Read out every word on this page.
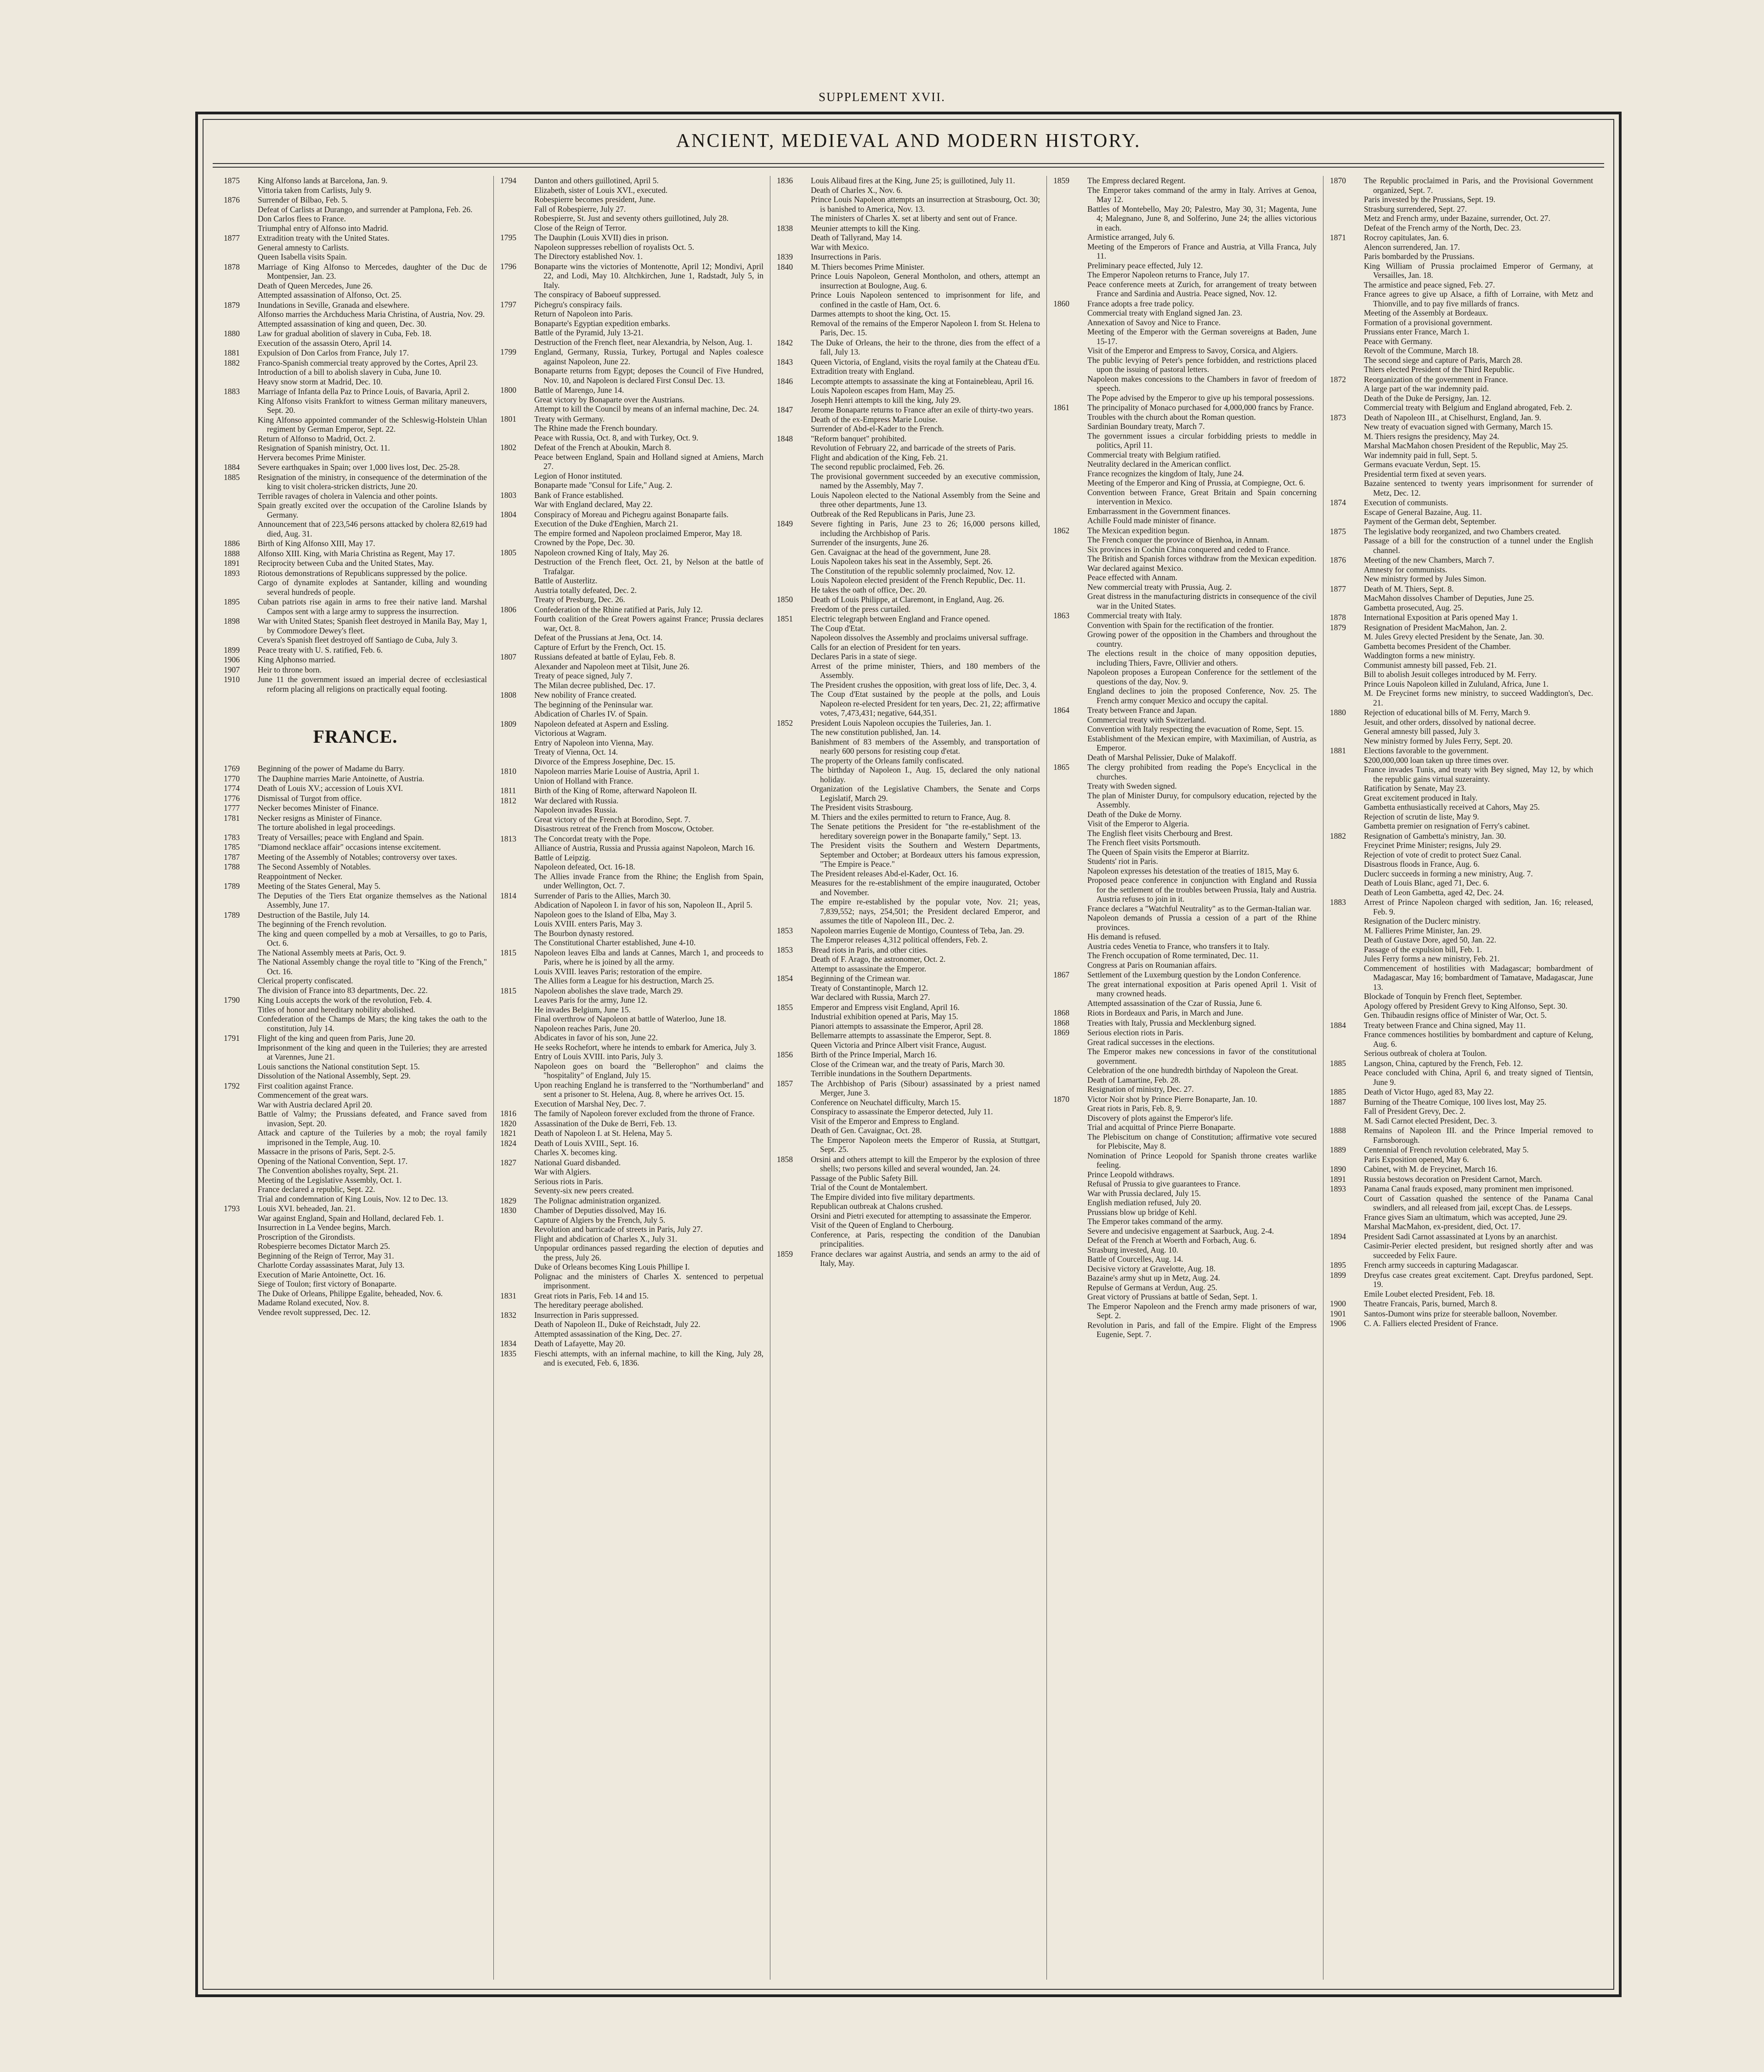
SUPPLEMENT XVII.
ANCIENT, MEDIEVAL AND MODERN HISTORY.
1875	King Alfonso lands at Barcelona, Jan. 9.
Vittoria taken from Carlists, July 9.
1876	Surrender of Bilbao, Feb. 5.
Defeat of Carlists at Durango, and surrender at Pamplona, Feb. 26.
Don Carlos flees to France.
Triumphal entry of Alfonso into Madrid.
1877	Extradition treaty with the United States.
General amnesty to Carlists.
Queen Isabella visits Spain.
1878	Marriage of King Alfonso to Mercedes, daughter of the Duc de Montpensier, Jan. 23.
Death of Queen Mercedes, June 26.
Attempted assassination of Alfonso, Oct. 25.
1879	Inundations in Seville, Granada and elsewhere.
Alfonso marries the Archduchess Maria Christina, of Austria, Nov. 29.
Attempted assassination of king and queen, Dec. 30.
1880	Law for gradual abolition of slavery in Cuba, Feb. 18.
Execution of the assassin Otero, April 14.
1881	Expulsion of Don Carlos from France, July 17.
1882	Franco-Spanish commercial treaty approved by the Cortes, April 23.
Introduction of a bill to abolish slavery in Cuba, June 10.
Heavy snow storm at Madrid, Dec. 10.
1883	Marriage of Infanta della Paz to Prince Louis, of Bavaria, April 2.
King Alfonso visits Frankfort to witness German military maneuvers, Sept. 20.
King Alfonso appointed commander of the Schleswig-Holstein Uhlan regiment by German Emperor, Sept. 22.
Return of Alfonso to Madrid, Oct. 2.
Resignation of Spanish ministry, Oct. 11.
Hervera becomes Prime Minister.
1884	Severe earthquakes in Spain; over 1,000 lives lost, Dec. 25-28.
1885	Resignation of the ministry, in consequence of the determination of the king to visit cholera-stricken districts, June 20.
Terrible ravages of cholera in Valencia and other points.
Spain greatly excited over the occupation of the Caroline Islands by Germany.
Announcement that of 223,546 persons attacked by cholera 82,619 had died, Aug. 31.
1886	Birth of King Alfonso XIII, May 17.
1888	Alfonso XIII. King, with Maria Christina as Regent, May 17.
1891	Reciprocity between Cuba and the United States, May.
1893	Riotous demonstrations of Republicans suppressed by the police.
Cargo of dynamite explodes at Santander, killing and wounding several hundreds of people.
1895	Cuban patriots rise again in arms to free their native land. Marshal Campos sent with a large army to suppress the insurrection.
1898	War with United States; Spanish fleet destroyed in Manila Bay, May 1, by Commodore Dewey's fleet.
Cevera's Spanish fleet destroyed off Santiago de Cuba, July 3.
1899	Peace treaty with U. S. ratified, Feb. 6.
1906	King Alphonso married.
1907	Heir to throne born.
1910	June 11 the government issued an imperial decree of ecclesiastical reform placing all religions on practically equal footing.
FRANCE.
1769	Beginning of the power of Madame du Barry.
1770	The Dauphine marries Marie Antoinette, of Austria.
1774	Death of Louis XV.; accession of Louis XVI.
1776	Dismissal of Turgot from office.
1777	Necker becomes Minister of Finance.
1781	Necker resigns as Minister of Finance.
The torture abolished in legal proceedings.
1783	Treaty of Versailles; peace with England and Spain.
1785	"Diamond necklace affair" occasions intense excitement.
1787	Meeting of the Assembly of Notables; controversy over taxes.
1788	The Second Assembly of Notables.
Reappointment of Necker.
1789	Meeting of the States General, May 5.
The Deputies of the Tiers Etat organize themselves as the National Assembly, June 17.
1789	Destruction of the Bastile, July 14.
The beginning of the French revolution.
The king and queen compelled by a mob at Versailles, to go to Paris, Oct. 6.
The National Assembly meets at Paris, Oct. 9.
The National Assembly change the royal title to "King of the French," Oct. 16.
Clerical property confiscated.
The division of France into 83 departments, Dec. 22.
1790	King Louis accepts the work of the revolution, Feb. 4.
Titles of honor and hereditary nobility abolished.
Confederation of the Champs de Mars; the king takes the oath to the constitution, July 14.
1791	Flight of the king and queen from Paris, June 20.
Imprisonment of the king and queen in the Tuileries; they are arrested at Varennes, June 21.
Louis sanctions the National constitution Sept. 15.
Dissolution of the National Assembly, Sept. 29.
1792	First coalition against France.
Commencement of the great wars.
War with Austria declared April 20.
Battle of Valmy; the Prussians defeated, and France saved from invasion, Sept. 20.
Attack and capture of the Tuileries by a mob; the royal family imprisoned in the Temple, Aug. 10.
Massacre in the prisons of Paris, Sept. 2-5.
Opening of the National Convention, Sept. 17.
The Convention abolishes royalty, Sept. 21.
Meeting of the Legislative Assembly, Oct. 1.
France declared a republic, Sept. 22.
Trial and condemnation of King Louis, Nov. 12 to Dec. 13.
1793	Louis XVI. beheaded, Jan. 21.
War against England, Spain and Holland, declared Feb. 1.
Insurrection in La Vendee begins, March.
Proscription of the Girondists.
Robespierre becomes Dictator March 25.
Beginning of the Reign of Terror, May 31.
Charlotte Corday assassinates Marat, July 13.
Execution of Marie Antoinette, Oct. 16.
Siege of Toulon; first victory of Bonaparte.
The Duke of Orleans, Philippe Egalite, beheaded, Nov. 6.
Madame Roland executed, Nov. 8.
Vendee revolt suppressed, Dec. 12.
1794	Danton and others guillotined, April 5.
Elizabeth, sister of Louis XVI., executed.
Robespierre becomes president, June.
Fall of Robespierre, July 27.
Robespierre, St. Just and seventy others guillotined, July 28.
Close of the Reign of Terror.
1795	The Dauphin (Louis XVII) dies in prison.
Napoleon suppresses rebellion of royalists Oct. 5.
The Directory established Nov. 1.
1796	Bonaparte wins the victories of Montenotte, April 12; Mondivi, April 22, and Lodi, May 10. Altchkirchen, June 1, Radstadt, July 5, in Italy.
The conspiracy of Baboeuf suppressed.
1797	Pichegru's conspiracy fails.
Return of Napoleon into Paris.
Bonaparte's Egyptian expedition embarks.
Battle of the Pyramid, July 13-21.
Destruction of the French fleet, near Alexandria, by Nelson, Aug. 1.
1799	England, Germany, Russia, Turkey, Portugal and Naples coalesce against Napoleon, June 22.
Bonaparte returns from Egypt; deposes the Council of Five Hundred, Nov. 10, and Napoleon is declared First Consul Dec. 13.
1800	Battle of Marengo, June 14.
Great victory by Bonaparte over the Austrians.
Attempt to kill the Council by means of an infernal machine, Dec. 24.
1801	Treaty with Germany.
The Rhine made the French boundary.
Peace with Russia, Oct. 8, and with Turkey, Oct. 9.
1802	Defeat of the French at Aboukin, March 8.
Peace between England, Spain and Holland signed at Amiens, March 27.
Legion of Honor instituted.
Bonaparte made "Consul for Life," Aug. 2.
1803	Bank of France established.
War with England declared, May 22.
1804	Conspiracy of Moreau and Pichegru against Bonaparte fails.
Execution of the Duke d'Enghien, March 21.
The empire formed and Napoleon proclaimed Emperor, May 18.
Crowned by the Pope, Dec. 30.
1805	Napoleon crowned King of Italy, May 26.
Destruction of the French fleet, Oct. 21, by Nelson at the battle of Trafalgar.
Battle of Austerlitz.
Austria totally defeated, Dec. 2.
Treaty of Presburg, Dec. 26.
1806	Confederation of the Rhine ratified at Paris, July 12.
Fourth coalition of the Great Powers against France; Prussia declares war, Oct. 8.
Defeat of the Prussians at Jena, Oct. 14.
Capture of Erfurt by the French, Oct. 15.
1807	Russians defeated at battle of Eylau, Feb. 8.
Alexander and Napoleon meet at Tilsit, June 26.
Treaty of peace signed, July 7.
The Milan decree published, Dec. 17.
1808	New nobility of France created.
The beginning of the Peninsular war.
Abdication of Charles IV. of Spain.
1809	Napoleon defeated at Aspern and Essling.
Victorious at Wagram.
Entry of Napoleon into Vienna, May.
Treaty of Vienna, Oct. 14.
Divorce of the Empress Josephine, Dec. 15.
1810	Napoleon marries Marie Louise of Austria, April 1.
Union of Holland with France.
1811	Birth of the King of Rome, afterward Napoleon II.
1812	War declared with Russia.
Napoleon invades Russia.
Great victory of the French at Borodino, Sept. 7.
Disastrous retreat of the French from Moscow, October.
1813	The Concordat treaty with the Pope.
Alliance of Austria, Russia and Prussia against Napoleon, March 16.
Battle of Leipzig.
Napoleon defeated, Oct. 16-18.
The Allies invade France from the Rhine; the English from Spain, under Wellington, Oct. 7.
1814	Surrender of Paris to the Allies, March 30.
Abdication of Napoleon I. in favor of his son, Napoleon II., April 5.
Napoleon goes to the Island of Elba, May 3.
Louis XVIII. enters Paris, May 3.
The Bourbon dynasty restored.
The Constitutional Charter established, June 4-10.
1815	Napoleon leaves Elba and lands at Cannes, March 1, and proceeds to Paris, where he is joined by all the army.
Louis XVIII. leaves Paris; restoration of the empire.
The Allies form a League for his destruction, March 25.
1815	Napoleon abolishes the slave trade, March 29.
Leaves Paris for the army, June 12.
He invades Belgium, June 15.
Final overthrow of Napoleon at battle of Waterloo, June 18.
Napoleon reaches Paris, June 20.
Abdicates in favor of his son, June 22.
He seeks Rochefort, where he intends to embark for America, July 3.
Entry of Louis XVIII. into Paris, July 3.
Napoleon goes on board the "Bellerophon" and claims the "hospitality" of England, July 15.
Upon reaching England he is transferred to the "Northumberland" and sent a prisoner to St. Helena, Aug. 8, where he arrives Oct. 15.
Execution of Marshal Ney, Dec. 7.
1816	The family of Napoleon forever excluded from the throne of France.
1820	Assassination of the Duke de Berri, Feb. 13.
1821	Death of Napoleon I. at St. Helena, May 5.
1824	Death of Louis XVIII., Sept. 16.
Charles X. becomes king.
1827	National Guard disbanded.
War with Algiers.
Serious riots in Paris.
Seventy-six new peers created.
1829	The Polignac administration organized.
1830	Chamber of Deputies dissolved, May 16.
Capture of Algiers by the French, July 5.
Revolution and barricade of streets in Paris, July 27.
Flight and abdication of Charles X., July 31.
Unpopular ordinances passed regarding the election of deputies and the press, July 26.
Duke of Orleans becomes King Louis Phillipe I.
Polignac and the ministers of Charles X. sentenced to perpetual imprisonment.
1831	Great riots in Paris, Feb. 14 and 15.
The hereditary peerage abolished.
1832	Insurrection in Paris suppressed.
Death of Napoleon II., Duke of Reichstadt, July 22.
Attempted assassination of the King, Dec. 27.
1834	Death of Lafayette, May 20.
1835	Fieschi attempts, with an infernal machine, to kill the King, July 28, and is executed, Feb. 6, 1836.
1836	Louis Alibaud fires at the King, June 25; is guillotined, July 11.
Death of Charles X., Nov. 6.
Prince Louis Napoleon attempts an insurrection at Strasbourg, Oct. 30; is banished to America, Nov. 13.
The ministers of Charles X. set at liberty and sent out of France.
1838	Meunier attempts to kill the King.
Death of Tallyrand, May 14.
War with Mexico.
1839	Insurrections in Paris.
1840	M. Thiers becomes Prime Minister.
Prince Louis Napoleon, General Montholon, and others, attempt an insurrection at Boulogne, Aug. 6.
Prince Louis Napoleon sentenced to imprisonment for life, and confined in the castle of Ham, Oct. 6.
Darmes attempts to shoot the king, Oct. 15.
Removal of the remains of the Emperor Napoleon I. from St. Helena to Paris, Dec. 15.
1842	The Duke of Orleans, the heir to the throne, dies from the effect of a fall, July 13.
1843	Queen Victoria, of England, visits the royal family at the Chateau d'Eu.
Extradition treaty with England.
1846	Lecompte attempts to assassinate the king at Fontainebleau, April 16.
Louis Napoleon escapes from Ham, May 25.
Joseph Henri attempts to kill the king, July 29.
1847	Jerome Bonaparte returns to France after an exile of thirty-two years.
Death of the ex-Empress Marie Louise.
Surrender of Abd-el-Kader to the French.
1848	"Reform banquet" prohibited.
Revolution of February 22, and barricade of the streets of Paris.
Flight and abdication of the King, Feb. 21.
The second republic proclaimed, Feb. 26.
The provisional government succeeded by an executive commission, named by the Assembly, May 7.
Louis Napoleon elected to the National Assembly from the Seine and three other departments, June 13.
Outbreak of the Red Republicans in Paris, June 23.
1849	Severe fighting in Paris, June 23 to 26; 16,000 persons killed, including the Archbishop of Paris.
Surrender of the insurgents, June 26.
Gen. Cavaignac at the head of the government, June 28.
Louis Napoleon takes his seat in the Assembly, Sept. 26.
The Constitution of the republic solemnly proclaimed, Nov. 12.
Louis Napoleon elected president of the French Republic, Dec. 11.
He takes the oath of office, Dec. 20.
1850	Death of Louis Philippe, at Claremont, in England, Aug. 26.
Freedom of the press curtailed.
1851	Electric telegraph between England and France opened.
The Coup d'Etat.
Napoleon dissolves the Assembly and proclaims universal suffrage.
Calls for an election of President for ten years.
Declares Paris in a state of siege.
Arrest of the prime minister, Thiers, and 180 members of the Assembly.
The President crushes the opposition, with great loss of life, Dec. 3, 4.
The Coup d'Etat sustained by the people at the polls, and Louis Napoleon re-elected President for ten years, Dec. 21, 22; affirmative votes, 7,473,431; negative, 644,351.
1852	President Louis Napoleon occupies the Tuileries, Jan. 1.
The new constitution published, Jan. 14.
Banishment of 83 members of the Assembly, and transportation of nearly 600 persons for resisting coup d'etat.
The property of the Orleans family confiscated.
The birthday of Napoleon I., Aug. 15, declared the only national holiday.
Organization of the Legislative Chambers, the Senate and Corps Legislatif, March 29.
The President visits Strasbourg.
M. Thiers and the exiles permitted to return to France, Aug. 8.
The Senate petitions the President for "the re-establishment of the hereditary sovereign power in the Bonaparte family," Sept. 13.
The President visits the Southern and Western Departments, September and October; at Bordeaux utters his famous expression, "The Empire is Peace."
The President releases Abd-el-Kader, Oct. 16.
Measures for the re-establishment of the empire inaugurated, October and November.
The empire re-established by the popular vote, Nov. 21; yeas, 7,839,552; nays, 254,501; the President declared Emperor, and assumes the title of Napoleon III., Dec. 2.
1853	Napoleon marries Eugenie de Montigo, Countess of Teba, Jan. 29.
The Emperor releases 4,312 political offenders, Feb. 2.
1853	Bread riots in Paris, and other cities.
Death of F. Arago, the astronomer, Oct. 2.
Attempt to assassinate the Emperor.
1854	Beginning of the Crimean war.
Treaty of Constantinople, March 12.
War declared with Russia, March 27.
1855	Emperor and Empress visit England, April 16.
Industrial exhibition opened at Paris, May 15.
Pianori attempts to assassinate the Emperor, April 28.
Bellemarre attempts to assassinate the Emperor, Sept. 8.
Queen Victoria and Prince Albert visit France, August.
1856	Birth of the Prince Imperial, March 16.
Close of the Crimean war, and the treaty of Paris, March 30.
Terrible inundations in the Southern Departments.
1857	The Archbishop of Paris (Sibour) assassinated by a priest named Merger, June 3.
Conference on Neuchatel difficulty, March 15.
Conspiracy to assassinate the Emperor detected, July 11.
Visit of the Emperor and Empress to England.
Death of Gen. Cavaignac, Oct. 28.
The Emperor Napoleon meets the Emperor of Russia, at Stuttgart, Sept. 25.
1858	Orsini and others attempt to kill the Emperor by the explosion of three shells; two persons killed and several wounded, Jan. 24.
Passage of the Public Safety Bill.
Trial of the Count de Montalembert.
The Empire divided into five military departments.
Republican outbreak at Chalons crushed.
Orsini and Pietri executed for attempting to assassinate the Emperor.
Visit of the Queen of England to Cherbourg.
Conference, at Paris, respecting the condition of the Danubian principalities.
1859	France declares war against Austria, and sends an army to the aid of Italy, May.
1859	The Empress declared Regent.
The Emperor takes command of the army in Italy. Arrives at Genoa, May 12.
Battles of Montebello, May 20; Palestro, May 30, 31; Magenta, June 4; Malegnano, June 8, and Solferino, June 24; the allies victorious in each.
Armistice arranged, July 6.
Meeting of the Emperors of France and Austria, at Villa Franca, July 11.
Preliminary peace effected, July 12.
The Emperor Napoleon returns to France, July 17.
Peace conference meets at Zurich, for arrangement of treaty between France and Sardinia and Austria. Peace signed, Nov. 12.
1860	France adopts a free trade policy.
Commercial treaty with England signed Jan. 23.
Annexation of Savoy and Nice to France.
Meeting of the Emperor with the German sovereigns at Baden, June 15-17.
Visit of the Emperor and Empress to Savoy, Corsica, and Algiers.
The public levying of Peter's pence forbidden, and restrictions placed upon the issuing of pastoral letters.
Napoleon makes concessions to the Chambers in favor of freedom of speech.
The Pope advised by the Emperor to give up his temporal possessions.
1861	The principality of Monaco purchased for 4,000,000 francs by France.
Troubles with the church about the Roman question.
Sardinian Boundary treaty, March 7.
The government issues a circular forbidding priests to meddle in politics, April 11.
Commercial treaty with Belgium ratified.
Neutrality declared in the American conflict.
France recognizes the kingdom of Italy, June 24.
Meeting of the Emperor and King of Prussia, at Compiegne, Oct. 6.
Convention between France, Great Britain and Spain concerning intervention in Mexico.
Embarrassment in the Government finances.
Achille Fould made minister of finance.
1862	The Mexican expedition begun.
The French conquer the province of Bienhoa, in Annam.
Six provinces in Cochin China conquered and ceded to France.
The British and Spanish forces withdraw from the Mexican expedition.
War declared against Mexico.
Peace effected with Annam.
New commercial treaty with Prussia, Aug. 2.
Great distress in the manufacturing districts in consequence of the civil war in the United States.
1863	Commercial treaty with Italy.
Convention with Spain for the rectification of the frontier.
Growing power of the opposition in the Chambers and throughout the country.
The elections result in the choice of many opposition deputies, including Thiers, Favre, Ollivier and others.
Napoleon proposes a European Conference for the settlement of the questions of the day, Nov. 9.
England declines to join the proposed Conference, Nov. 25. The French army conquer Mexico and occupy the capital.
1864	Treaty between France and Japan.
Commercial treaty with Switzerland.
Convention with Italy respecting the evacuation of Rome, Sept. 15.
Establishment of the Mexican empire, with Maximilian, of Austria, as Emperor.
Death of Marshal Pelissier, Duke of Malakoff.
1865	The clergy prohibited from reading the Pope's Encyclical in the churches.
Treaty with Sweden signed.
The plan of Minister Duruy, for compulsory education, rejected by the Assembly.
Death of the Duke de Morny.
Visit of the Emperor to Algeria.
The English fleet visits Cherbourg and Brest.
The French fleet visits Portsmouth.
The Queen of Spain visits the Emperor at Biarritz.
Students' riot in Paris.
Napoleon expresses his detestation of the treaties of 1815, May 6.
Proposed peace conference in conjunction with England and Russia for the settlement of the troubles between Prussia, Italy and Austria. Austria refuses to join in it.
France declares a "Watchful Neutrality" as to the German-Italian war.
Napoleon demands of Prussia a cession of a part of the Rhine provinces.
His demand is refused.
Austria cedes Venetia to France, who transfers it to Italy.
The French occupation of Rome terminated, Dec. 11.
Congress at Paris on Roumanian affairs.
1867	Settlement of the Luxemburg question by the London Conference.
The great international exposition at Paris opened April 1. Visit of many crowned heads.
Attempted assassination of the Czar of Russia, June 6.
1868	Riots in Bordeaux and Paris, in March and June.
1868	Treaties with Italy, Prussia and Mecklenburg signed.
1869	Serious election riots in Paris.
Great radical successes in the elections.
The Emperor makes new concessions in favor of the constitutional government.
Celebration of the one hundredth birthday of Napoleon the Great.
Death of Lamartine, Feb. 28.
Resignation of ministry, Dec. 27.
1870	Victor Noir shot by Prince Pierre Bonaparte, Jan. 10.
Great riots in Paris, Feb. 8, 9.
Discovery of plots against the Emperor's life.
Trial and acquittal of Prince Pierre Bonaparte.
The Plebiscitum on change of Constitution; affirmative vote secured for Plebiscite, May 8.
Nomination of Prince Leopold for Spanish throne creates warlike feeling.
Prince Leopold withdraws.
Refusal of Prussia to give guarantees to France.
War with Prussia declared, July 15.
English mediation refused, July 20.
Prussians blow up bridge of Kehl.
The Emperor takes command of the army.
Severe and undecisive engagement at Saarbuck, Aug. 2-4.
Defeat of the French at Woerth and Forbach, Aug. 6.
Strasburg invested, Aug. 10.
Battle of Courcelles, Aug. 14.
Decisive victory at Gravelotte, Aug. 18.
Bazaine's army shut up in Metz, Aug. 24.
Repulse of Germans at Verdun, Aug. 25.
Great victory of Prussians at battle of Sedan, Sept. 1.
The Emperor Napoleon and the French army made prisoners of war, Sept. 2.
Revolution in Paris, and fall of the Empire. Flight of the Empress Eugenie, Sept. 7.
1870	The Republic proclaimed in Paris, and the Provisional Government organized, Sept. 7.
Paris invested by the Prussians, Sept. 19.
Strasburg surrendered, Sept. 27.
Metz and French army, under Bazaine, surrender, Oct. 27.
Defeat of the French army of the North, Dec. 23.
1871	Rocroy capitulates, Jan. 6.
Alencon surrendered, Jan. 17.
Paris bombarded by the Prussians.
King William of Prussia proclaimed Emperor of Germany, at Versailles, Jan. 18.
The armistice and peace signed, Feb. 27.
France agrees to give up Alsace, a fifth of Lorraine, with Metz and Thionville, and to pay five millards of francs.
Meeting of the Assembly at Bordeaux.
Formation of a provisional government.
Prussians enter France, March 1.
Peace with Germany.
Revolt of the Commune, March 18.
The second siege and capture of Paris, March 28.
Thiers elected President of the Third Republic.
1872	Reorganization of the government in France.
A large part of the war indemnity paid.
Death of the Duke de Persigny, Jan. 12.
Commercial treaty with Belgium and England abrogated, Feb. 2.
1873	Death of Napoleon III., at Chiselhurst, England, Jan. 9.
New treaty of evacuation signed with Germany, March 15.
M. Thiers resigns the presidency, May 24.
Marshal MacMahon chosen President of the Republic, May 25.
War indemnity paid in full, Sept. 5.
Germans evacuate Verdun, Sept. 15.
Presidential term fixed at seven years.
Bazaine sentenced to twenty years imprisonment for surrender of Metz, Dec. 12.
1874	Execution of communists.
Escape of General Bazaine, Aug. 11.
Payment of the German debt, September.
1875	The legislative body reorganized, and two Chambers created.
Passage of a bill for the construction of a tunnel under the English channel.
1876	Meeting of the new Chambers, March 7.
Amnesty for communists.
New ministry formed by Jules Simon.
1877	Death of M. Thiers, Sept. 8.
MacMahon dissolves Chamber of Deputies, June 25.
Gambetta prosecuted, Aug. 25.
1878	International Exposition at Paris opened May 1.
1879	Resignation of President MacMahon, Jan. 2.
M. Jules Grevy elected President by the Senate, Jan. 30.
Gambetta becomes President of the Chamber.
Waddington forms a new ministry.
Communist amnesty bill passed, Feb. 21.
Bill to abolish Jesuit colleges introduced by M. Ferry.
Prince Louis Napoleon killed in Zululand, Africa, June 1.
M. De Freycinet forms new ministry, to succeed Waddington's, Dec. 21.
1880	Rejection of educational bills of M. Ferry, March 9.
Jesuit, and other orders, dissolved by national decree.
General amnesty bill passed, July 3.
New ministry formed by Jules Ferry, Sept. 20.
1881	Elections favorable to the government.
$200,000,000 loan taken up three times over.
France invades Tunis, and treaty with Bey signed, May 12, by which the republic gains virtual suzerainty.
Ratification by Senate, May 23.
Great excitement produced in Italy.
Gambetta enthusiastically received at Cahors, May 25.
Rejection of scrutin de liste, May 9.
Gambetta premier on resignation of Ferry's cabinet.
1882	Resignation of Gambetta's ministry, Jan. 30.
Freycinet Prime Minister; resigns, July 29.
Rejection of vote of credit to protect Suez Canal.
Disastrous floods in France, Aug. 6.
Duclerc succeeds in forming a new ministry, Aug. 7.
Death of Louis Blanc, aged 71, Dec. 6.
Death of Leon Gambetta, aged 42, Dec. 24.
1883	Arrest of Prince Napoleon charged with sedition, Jan. 16; released, Feb. 9.
Resignation of the Duclerc ministry.
M. Fallieres Prime Minister, Jan. 29.
Death of Gustave Dore, aged 50, Jan. 22.
Passage of the expulsion bill, Feb. 1.
Jules Ferry forms a new ministry, Feb. 21.
Commencement of hostilities with Madagascar; bombardment of Madagascar, May 16; bombardment of Tamatave, Madagascar, June 13.
Blockade of Tonquin by French fleet, September.
Apology offered by President Grevy to King Alfonso, Sept. 30.
Gen. Thibaudin resigns office of Minister of War, Oct. 5.
1884	Treaty between France and China signed, May 11.
France commences hostilities by bombardment and capture of Kelung, Aug. 6.
Serious outbreak of cholera at Toulon.
1885	Langson, China, captured by the French, Feb. 12.
Peace concluded with China, April 6, and treaty signed of Tientsin, June 9.
1885	Death of Victor Hugo, aged 83, May 22.
1887	Burning of the Theatre Comique, 100 lives lost, May 25.
Fall of President Grevy, Dec. 2.
M. Sadi Carnot elected President, Dec. 3.
1888	Remains of Napoleon III. and the Prince Imperial removed to Farnsborough.
1889	Centennial of French revolution celebrated, May 5.
Paris Exposition opened, May 6.
1890	Cabinet, with M. de Freycinet, March 16.
1891	Russia bestows decoration on President Carnot, March.
1893	Panama Canal frauds exposed, many prominent men imprisoned.
Court of Cassation quashed the sentence of the Panama Canal swindlers, and all released from jail, except Chas. de Lesseps.
France gives Siam an ultimatum, which was accepted, June 29.
Marshal MacMahon, ex-president, died, Oct. 17.
1894	President Sadi Carnot assassinated at Lyons by an anarchist.
Casimir-Perier elected president, but resigned shortly after and was succeeded by Felix Faure.
1895	French army succeeds in capturing Madagascar.
1899	Dreyfus case creates great excitement. Capt. Dreyfus pardoned, Sept. 19.
Emile Loubet elected President, Feb. 18.
1900	Theatre Francais, Paris, burned, March 8.
1901	Santos-Dumont wins prize for steerable balloon, November.
1906	C. A. Falliers elected President of France.
